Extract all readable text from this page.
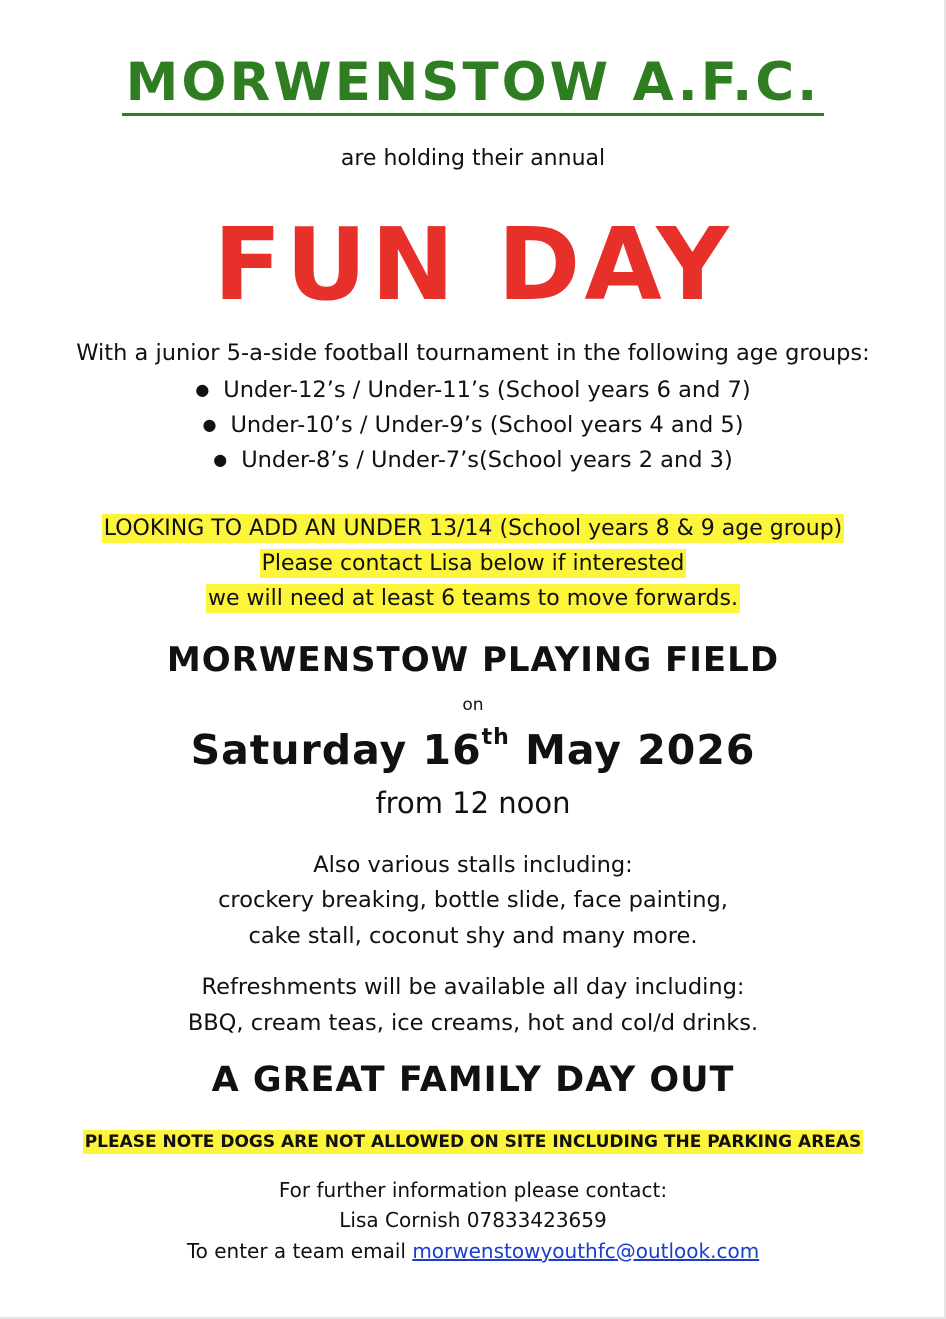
MORWENSTOW A.F.C.
are holding their annual
FUN DAY
With a junior 5-a-side football tournament in the following age groups:
● Under-12’s / Under-11’s (School years 6 and 7)
● Under-10’s / Under-9’s (School years 4 and 5)
● Under-8’s / Under-7’s(School years 2 and 3)
LOOKING TO ADD AN UNDER 13/14 (School years 8 & 9 age group)
Please contact Lisa below if interested
we will need at least 6 teams to move forwards.
MORWENSTOW PLAYING FIELD
on
Saturday 16th May 2026
from 12 noon
Also various stalls including:
crockery breaking, bottle slide, face painting,
cake stall, coconut shy and many more.
Refreshments will be available all day including:
BBQ, cream teas, ice creams, hot and col/d drinks.
A GREAT FAMILY DAY OUT
PLEASE NOTE DOGS ARE NOT ALLOWED ON SITE INCLUDING THE PARKING AREAS
For further information please contact:
Lisa Cornish 07833423659
To enter a team email morwenstowyouthfc@outlook.com
